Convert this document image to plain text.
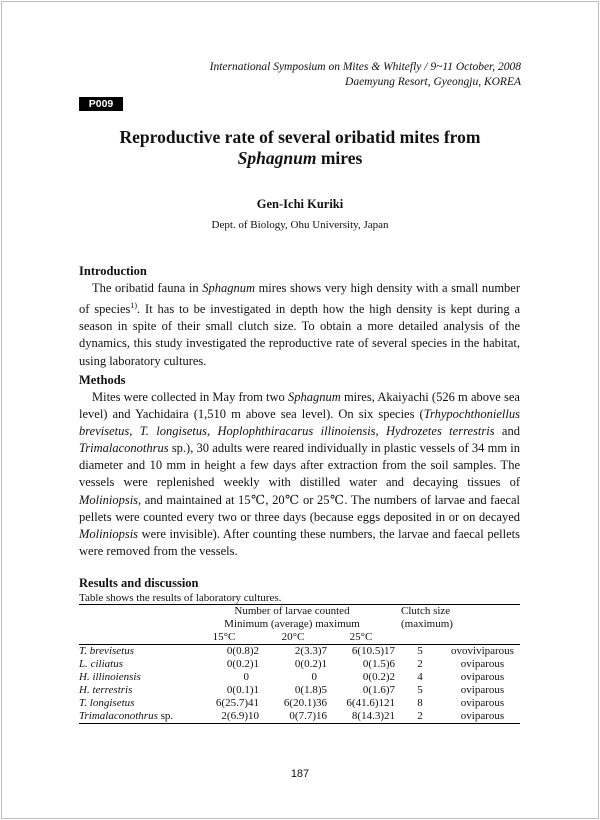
International Symposium on Mites & Whitefly / 9~11 October, 2008
Daemyung Resort, Gyeongju, KOREA
P009
Reproductive rate of several oribatid mites from
Sphagnum mires
Gen-Ichi Kuriki
Dept. of Biology, Ohu University, Japan
Introduction

The oribatid fauna in Sphagnum mires shows very high density with a small number of species$^{1)}$. It has to be investigated in depth how the high density is kept during a season in spite of their small clutch size. To obtain a more detailed analysis of the dynamics, this study investigated the reproductive rate of several species in the habitat, using laboratory cultures.

Methods

Mites were collected in May from two Sphagnum mires, Akaiyachi (526 m above sea level) and Yachidaira (1,510 m above sea level). On six species (Trhypochthoniellus brevisetus, T. longisetus, Hoplophthiracarus illinoiensis, Hydrozetes terrestris and Trimalaconothrus sp.), 30 adults were reared individually in plastic vessels of 34 mm in diameter and 10 mm in height a few days after extraction from the soil samples. The vessels were replenished weekly with distilled water and decaying tissues of Moliniopsis, and maintained at 15℃, 20℃ or 25℃. The numbers of larvae and faecal pellets were counted every two or three days (because eggs deposited in or on decayed Moliniopsis were invisible). After counting these numbers, the larvae and faecal pellets were removed from the vessels.

Results and discussion
Table shows the results of laboratory cultures.
	Number of larvae counted			Clutch size	
	Minimum (average) maximum			(maximum)	
	15°C	20°C	25°C		
T. brevisetus	0(0.8)2	2(3.3)7	6(10.5)17	5	ovoviviparous
L. ciliatus	0(0.2)1	0(0.2)1	0(1.5)6	2	oviparous
H. illinoiensis	0	0	0(0.2)2	4	oviparous
H. terrestris	0(0.1)1	0(1.8)5	0(1.6)7	5	oviparous
T. longisetus	6(25.7)41	6(20.1)36	6(41.6)121	8	oviparous
Trimalaconothrus sp.	2(6.9)10	0(7.7)16	8(14.3)21	2	oviparous
187
